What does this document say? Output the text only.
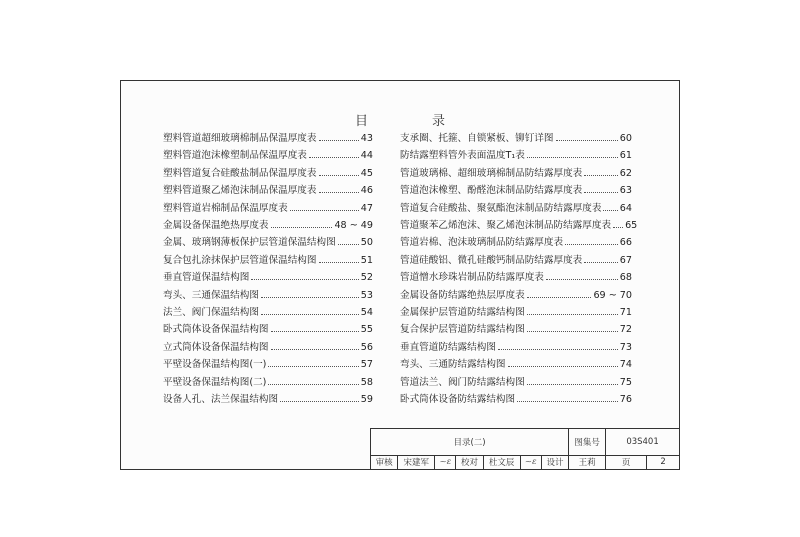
目	录
塑料管道超细玻璃棉制品保温厚度表	43
塑料管道泡沫橡塑制品保温厚度表	44
塑料管道复合硅酸盐制品保温厚度表	45
塑料管道聚乙烯泡沫制品保温厚度表	46
塑料管道岩棉制品保温厚度表	47
金属设备保温绝热厚度表	48 ~ 49
金属、玻璃钢薄板保护层管道保温结构图	50
复合包扎涂抹保护层管道保温结构图	51
垂直管道保温结构图	52
弯头、三通保温结构图	53
法兰、阀门保温结构图	54
卧式筒体设备保温结构图	55
立式筒体设备保温结构图	56
平壁设备保温结构图(一)	57
平壁设备保温结构图(二)	58
设备人孔、法兰保温结构图	59
支承圈、托箍、自锁紧板、铆钉详图	60
防结露塑料管外表面温度T₁表	61
管道玻璃棉、超细玻璃棉制品防结露厚度表	62
管道泡沫橡塑、酚醛泡沫制品防结露厚度表	63
管道复合硅酸盐、聚氨酯泡沫制品防结露厚度表 64
管道聚苯乙烯泡沫、聚乙烯泡沫制品防结露厚度表 65
管道岩棉、泡沫玻璃制品防结露厚度表	66
管道硅酸铝、微孔硅酸钙制品防结露厚度表	67
管道憎水珍珠岩制品防结露厚度表	68
金属设备防结露绝热层厚度表	69 ~ 70
金属保护层管道防结露结构图	71
复合保护层管道防结露结构图	72
垂直管道防结露结构图	73
弯头、三通防结露结构图	74
管道法兰、阀门防结露结构图	75
卧式筒体设备防结露结构图	76
目录(二)							图集号	03S401	
审核	宋建军	~ε	校对	杜文辰	~ε	设计	王莉	页	2
